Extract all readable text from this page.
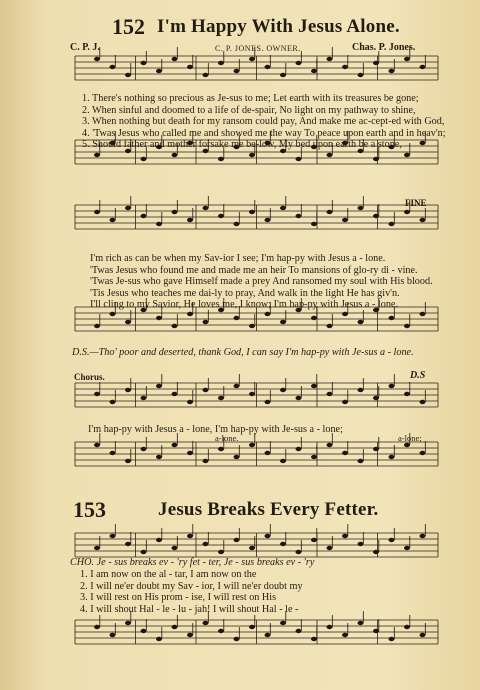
152 I'm Happy With Jesus Alone.
C. P. J.	C. P. JONES. OWNER.	Chas. P. Jones.
1. There's nothing so precious as Je-sus to me; Let earth with its treasures be gone;
2. When sinful and doomed to a life of de-spair, No light on my pathway to shine,
3. When nothing but death for my ransom could pay, And make me ac-cept-ed with God,
4. 'Twas Jesus who called me and showed me the way To peace upon earth and in heav'n;
5. Should father and mother forsake me be-low, My bed upon earth be a stone,
FINE
I'm rich as can be when my Sav-ior I see; I'm hap-py with Jesus a - lone.
'Twas Jesus who found me and made me an heir To mansions of glo-ry di - vine.
'Twas Je-sus who gave Himself made a prey And ransomed my soul with His blood.
'Tis Jesus who teaches me dai-ly to pray, And walk in the light He has giv'n.
I'll cling to my Savior, He loves me, I know; I'm hap-py with Jesus a - lone.
D.S.—Tho' poor and deserted, thank God, I can say I'm hap-py with Je-sus a - lone.
Chorus.	D.S
I'm hap-py with Jesus a - lone, I'm hap-py with Je-sus a - lone;
a-lone.	a-lone;
153	Jesus Breaks Every Fetter.
CHO. Je - sus breaks ev - 'ry fet - ter, Je - sus breaks ev - 'ry
1. I am now on the al - tar, I am now on the
2. I will ne'er doubt my Sav - ior, I will ne'er doubt my
3. I will rest on His prom - ise, I will rest on His
4. I will shout Hal - le - lu - jah! I will shout Hal - le -
